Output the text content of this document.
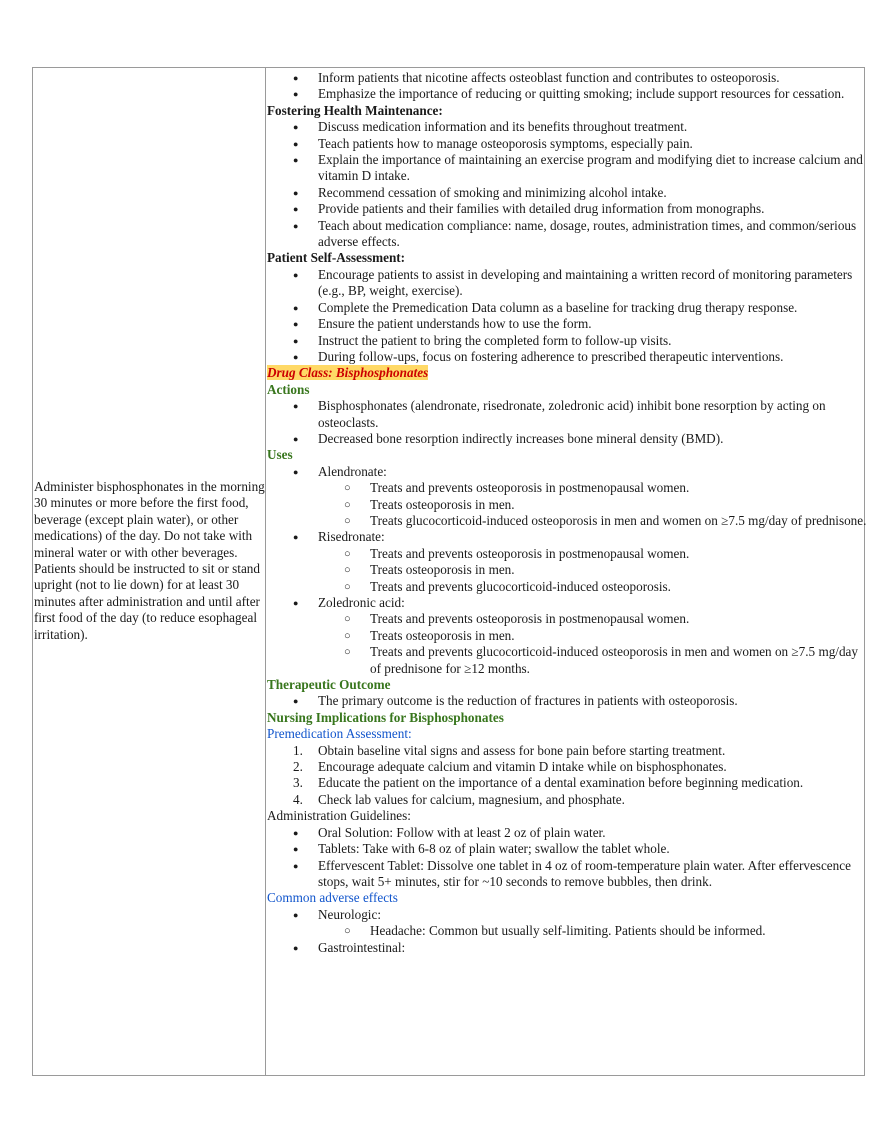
Administer bisphosphonates in the morning 30 minutes or more before the first food, beverage (except plain water), or other medications) of the day. Do not take with mineral water or with other beverages. Patients should be instructed to sit or stand upright (not to lie down) for at least 30 minutes after administration and until after first food of the day (to reduce esophageal irritation).
● Inform patients that nicotine affects osteoblast function and contributes to osteoporosis.
● Emphasize the importance of reducing or quitting smoking; include support resources for cessation.
Fostering Health Maintenance:
● Discuss medication information and its benefits throughout treatment.
● Teach patients how to manage osteoporosis symptoms, especially pain.
● Explain the importance of maintaining an exercise program and modifying diet to increase calcium and vitamin D intake.
● Recommend cessation of smoking and minimizing alcohol intake.
● Provide patients and their families with detailed drug information from monographs.
● Teach about medication compliance: name, dosage, routes, administration times, and common/serious adverse effects.
Patient Self-Assessment:
● Encourage patients to assist in developing and maintaining a written record of monitoring parameters (e.g., BP, weight, exercise).
● Complete the Premedication Data column as a baseline for tracking drug therapy response.
● Ensure the patient understands how to use the form.
● Instruct the patient to bring the completed form to follow-up visits.
● During follow-ups, focus on fostering adherence to prescribed therapeutic interventions.
Drug Class: Bisphosphonates
Actions
● Bisphosphonates (alendronate, risedronate, zoledronic acid) inhibit bone resorption by acting on osteoclasts.
● Decreased bone resorption indirectly increases bone mineral density (BMD).
Uses
● Alendronate:
○ Treats and prevents osteoporosis in postmenopausal women.
○ Treats osteoporosis in men.
○ Treats glucocorticoid-induced osteoporosis in men and women on ≥7.5 mg/day of prednisone.
● Risedronate:
○ Treats and prevents osteoporosis in postmenopausal women.
○ Treats osteoporosis in men.
○ Treats and prevents glucocorticoid-induced osteoporosis.
● Zoledronic acid:
○ Treats and prevents osteoporosis in postmenopausal women.
○ Treats osteoporosis in men.
○ Treats and prevents glucocorticoid-induced osteoporosis in men and women on ≥7.5 mg/day of prednisone for ≥12 months.
Therapeutic Outcome
● The primary outcome is the reduction of fractures in patients with osteoporosis.
Nursing Implications for Bisphosphonates
Premedication Assessment:
1. Obtain baseline vital signs and assess for bone pain before starting treatment.
2. Encourage adequate calcium and vitamin D intake while on bisphosphonates.
3. Educate the patient on the importance of a dental examination before beginning medication.
4. Check lab values for calcium, magnesium, and phosphate.
Administration Guidelines:
● Oral Solution: Follow with at least 2 oz of plain water.
● Tablets: Take with 6-8 oz of plain water; swallow the tablet whole.
● Effervescent Tablet: Dissolve one tablet in 4 oz of room-temperature plain water. After effervescence stops, wait 5+ minutes, stir for ~10 seconds to remove bubbles, then drink.
Common adverse effects
● Neurologic:
○ Headache: Common but usually self-limiting. Patients should be informed.
● Gastrointestinal:
